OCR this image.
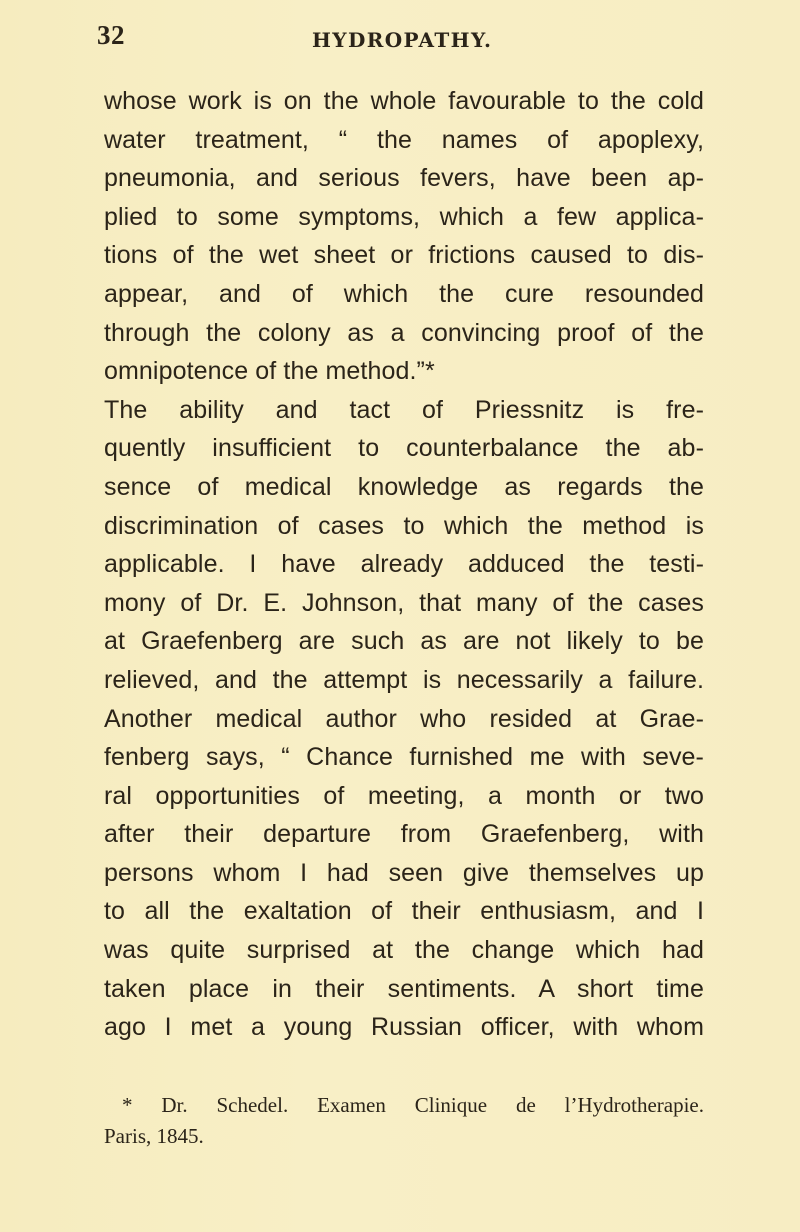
32	HYDROPATHY.
whose work is on the whole favourable to the cold
water treatment, “ the names of apoplexy,
pneumonia, and serious fevers, have been ap-
plied to some symptoms, which a few applica-
tions of the wet sheet or frictions caused to dis-
appear, and of which the cure resounded
through the colony as a convincing proof of the
omnipotence of the method.”*
The ability and tact of Priessnitz is fre-
quently insufficient to counterbalance the ab-
sence of medical knowledge as regards the
discrimination of cases to which the method is
applicable. I have already adduced the testi-
mony of Dr. E. Johnson, that many of the cases
at Graefenberg are such as are not likely to be
relieved, and the attempt is necessarily a failure.
Another medical author who resided at Grae-
fenberg says, “ Chance furnished me with seve-
ral opportunities of meeting, a month or two
after their departure from Graefenberg, with
persons whom I had seen give themselves up
to all the exaltation of their enthusiasm, and I
was quite surprised at the change which had
taken place in their sentiments. A short time
ago I met a young Russian officer, with whom
* Dr. Schedel. Examen Clinique de l’Hydrotherapie.
Paris, 1845.
